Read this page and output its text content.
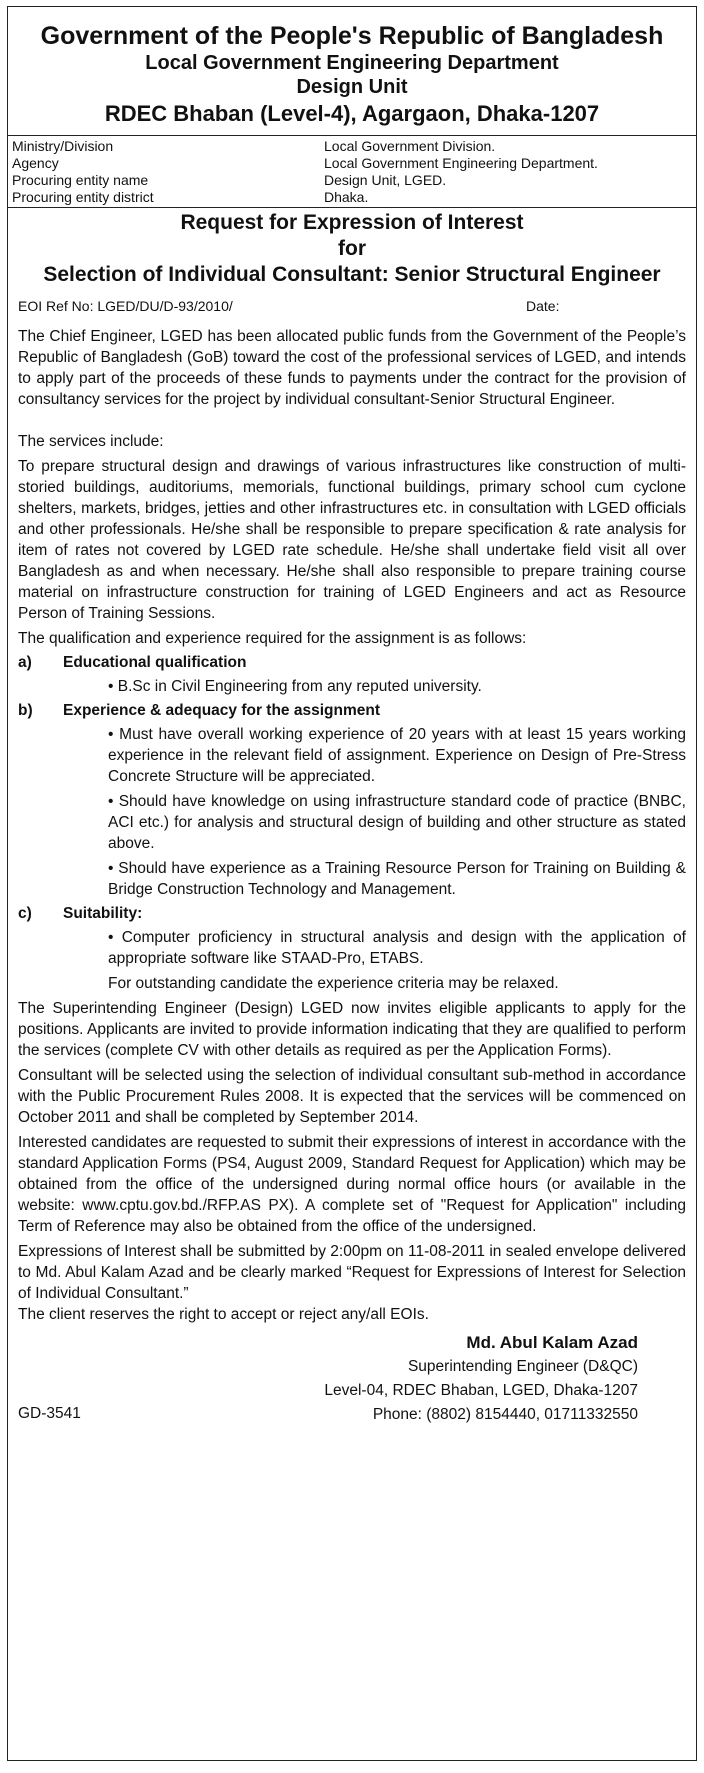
Government of the People's Republic of Bangladesh
Local Government Engineering Department
Design Unit
RDEC Bhaban (Level-4), Agargaon, Dhaka-1207
Ministry/Division	Local Government Division.
Agency	Local Government Engineering Department.
Procuring entity name	Design Unit, LGED.
Procuring entity district	Dhaka.
Request for Expression of Interest
for
Selection of Individual Consultant: Senior Structural Engineer
EOI Ref No: LGED/DU/D-93/2010/	Date:
The Chief Engineer, LGED has been allocated public funds from the Government of the People’s Republic of Bangladesh (GoB) toward the cost of the professional services of LGED, and intends to apply part of the proceeds of these funds to payments under the contract for the provision of consultancy services for the project by individual consultant-Senior Structural Engineer.
The services include:
To prepare structural design and drawings of various infrastructures like construction of multi-storied buildings, auditoriums, memorials, functional buildings, primary school cum cyclone shelters, markets, bridges, jetties and other infrastructures etc. in consultation with LGED officials and other professionals. He/she shall be responsible to prepare specification & rate analysis for item of rates not covered by LGED rate schedule. He/she shall undertake field visit all over Bangladesh as and when necessary. He/she shall also responsible to prepare training course material on infrastructure construction for training of LGED Engineers and act as Resource Person of Training Sessions.
The qualification and experience required for the assignment is as follows:
a)	Educational qualification
• B.Sc in Civil Engineering from any reputed university.
b)	Experience & adequacy for the assignment
• Must have overall working experience of 20 years with at least 15 years working experience in the relevant field of assignment. Experience on Design of Pre-Stress Concrete Structure will be appreciated.
• Should have knowledge on using infrastructure standard code of practice (BNBC, ACI etc.) for analysis and structural design of building and other structure as stated above.
• Should have experience as a Training Resource Person for Training on Building & Bridge Construction Technology and Management.
c)	Suitability:
• Computer proficiency in structural analysis and design with the application of appropriate software like STAAD-Pro, ETABS.
For outstanding candidate the experience criteria may be relaxed.
The Superintending Engineer (Design) LGED now invites eligible applicants to apply for the positions. Applicants are invited to provide information indicating that they are qualified to perform the services (complete CV with other details as required as per the Application Forms).
Consultant will be selected using the selection of individual consultant sub-method in accordance with the Public Procurement Rules 2008. It is expected that the services will be commenced on October 2011 and shall be completed by September 2014.
Interested candidates are requested to submit their expressions of interest in accordance with the standard Application Forms (PS4, August 2009, Standard Request for Application) which may be obtained from the office of the undersigned during normal office hours (or available in the website: www.cptu.gov.bd./RFP.AS PX). A complete set of "Request for Application" including Term of Reference may also be obtained from the office of the undersigned.
Expressions of Interest shall be submitted by 2:00pm on 11-08-2011 in sealed envelope delivered to Md. Abul Kalam Azad and be clearly marked “Request for Expressions of Interest for Selection of Individual Consultant.”
The client reserves the right to accept or reject any/all EOIs.
Md. Abul Kalam Azad
Superintending Engineer (D&QC)
Level-04, RDEC Bhaban, LGED, Dhaka-1207
Phone: (8802) 8154440, 01711332550
GD-3541
